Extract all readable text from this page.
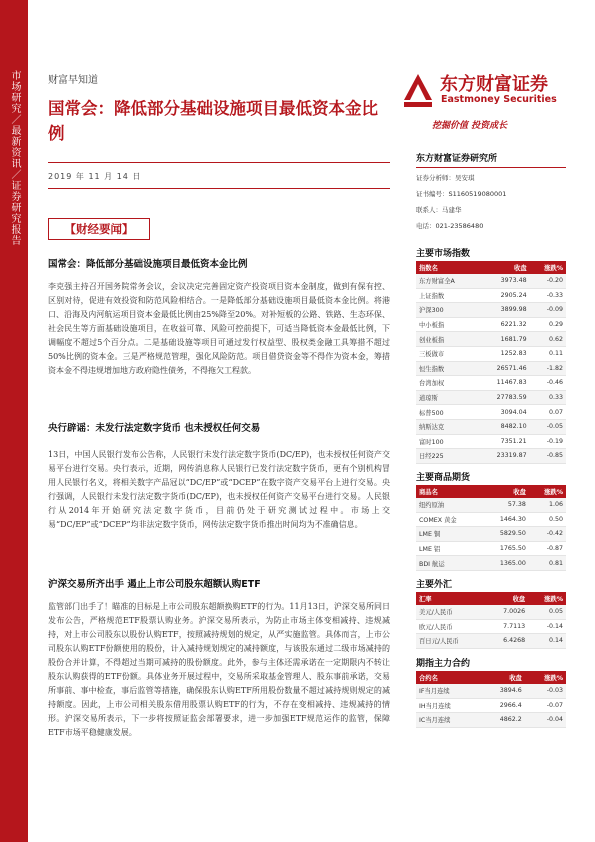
市场研究／最新资讯／证券研究报告	财富早知道
国常会：降低部分基础设施项目最低资本金比例
2019 年 11 月 14 日
东方财富证券
Eastmoney Securities
挖掘价值 投资成长
【财经要闻】
国常会：降低部分基础设施项目最低资本金比例
李克强主持召开国务院常务会议，会议决定完善固定资产投资项目资本金制度，做到有保有控、区别对待，促进有效投资和防范风险相结合。一是降低部分基础设施项目最低资本金比例。将港口、沿海及内河航运项目资本金最低比例由25%降至20%。对补短板的公路、铁路、生态环保、社会民生等方面基础设施项目，在收益可靠、风险可控前提下，可适当降低资本金最低比例，下调幅度不超过5个百分点。二是基础设施等项目可通过发行权益型、股权类金融工具筹措不超过50%比例的资本金。三是严格规范管理，强化风险防范。项目借贷资金等不得作为资本金，筹措资本金不得违规增加地方政府隐性债务，不得拖欠工程款。
央行辟谣：未发行法定数字货币 也未授权任何交易
13日，中国人民银行发布公告称，人民银行未发行法定数字货币(DC/EP)，也未授权任何资产交易平台进行交易。央行表示，近期，网传消息称人民银行已发行法定数字货币，更有个别机构冒用人民银行名义，将相关数字产品冠以“DC/EP”或“DCEP”在数字资产交易平台上进行交易。央行强调，人民银行未发行法定数字货币(DC/EP)，也未授权任何资产交易平台进行交易。人民银行从2014年开始研究法定数字货币，目前仍处于研究测试过程中。市场上交易“DC/EP”或“DCEP”均非法定数字货币，网传法定数字货币推出时间均为不准确信息。
沪深交易所齐出手 遏止上市公司股东超额认购ETF
监管部门出手了！瞄准的目标是上市公司股东超额换购ETF的行为。11月13日，沪深交易所同日发布公告，严格规范ETF股票认购业务。沪深交易所表示，为防止市场主体变相减持、违规减持，对上市公司股东以股份认购ETF，按照减持规划的规定，从严实施监管。具体而言，上市公司股东认购ETF份额使用的股份，计入减持规划规定的减持额度，与该股东通过二级市场减持的股份合并计算，不得超过当期可减持的股份额度。此外，参与主体还需承诺在一定期限内不转让股东认购获得的ETF份额。具体业务开展过程中，交易所采取基金管理人、股东事前承诺，交易所事前、事中检查，事后监管等措施，确保股东认购ETF所用股份数量不超过减持规则规定的减持额度。因此，上市公司相关股东借用股票认购ETF的行为，不存在变相减持、违规减持的情形。沪深交易所表示，下一步将按照证监会部署要求，进一步加强ETF规范运作的监管，保障ETF市场平稳健康发展。
东方财富证券研究所
证券分析师：吴安琪
证书编号：S1160519080001
联系人：马建华
电话：021-23586480
主要市场指数
指数名	收盘	涨跌%
东方财富全A	3973.48	-0.20
上证指数	2905.24	-0.33
沪深300	3899.98	-0.09
中小板指	6221.32	0.29
创业板指	1681.79	0.62
三板做市	1252.83	0.11
恒生指数	26571.46	-1.82
台湾加权	11467.83	-0.46
道琼斯	27783.59	0.33
标普500	3094.04	0.07
纳斯达克	8482.10	-0.05
富时100	7351.21	-0.19
日经225	23319.87	-0.85
主要商品期货
商品名	收盘	涨跌%
纽约原油	57.38	1.06
COMEX 黄金	1464.30	0.50
LME 铜	5829.50	-0.42
LME 铝	1765.50	-0.87
BDI 航运	1365.00	0.81
主要外汇
汇率	收盘	涨跌%
美元/人民币	7.0026	0.05
欧元/人民币	7.7113	-0.14
百日元/人民币	6.4268	0.14
期指主力合约
合约名	收盘	涨跌%
IF当月连续	3894.6	-0.03
IH当月连续	2966.4	-0.07
IC当月连续	4862.2	-0.04
